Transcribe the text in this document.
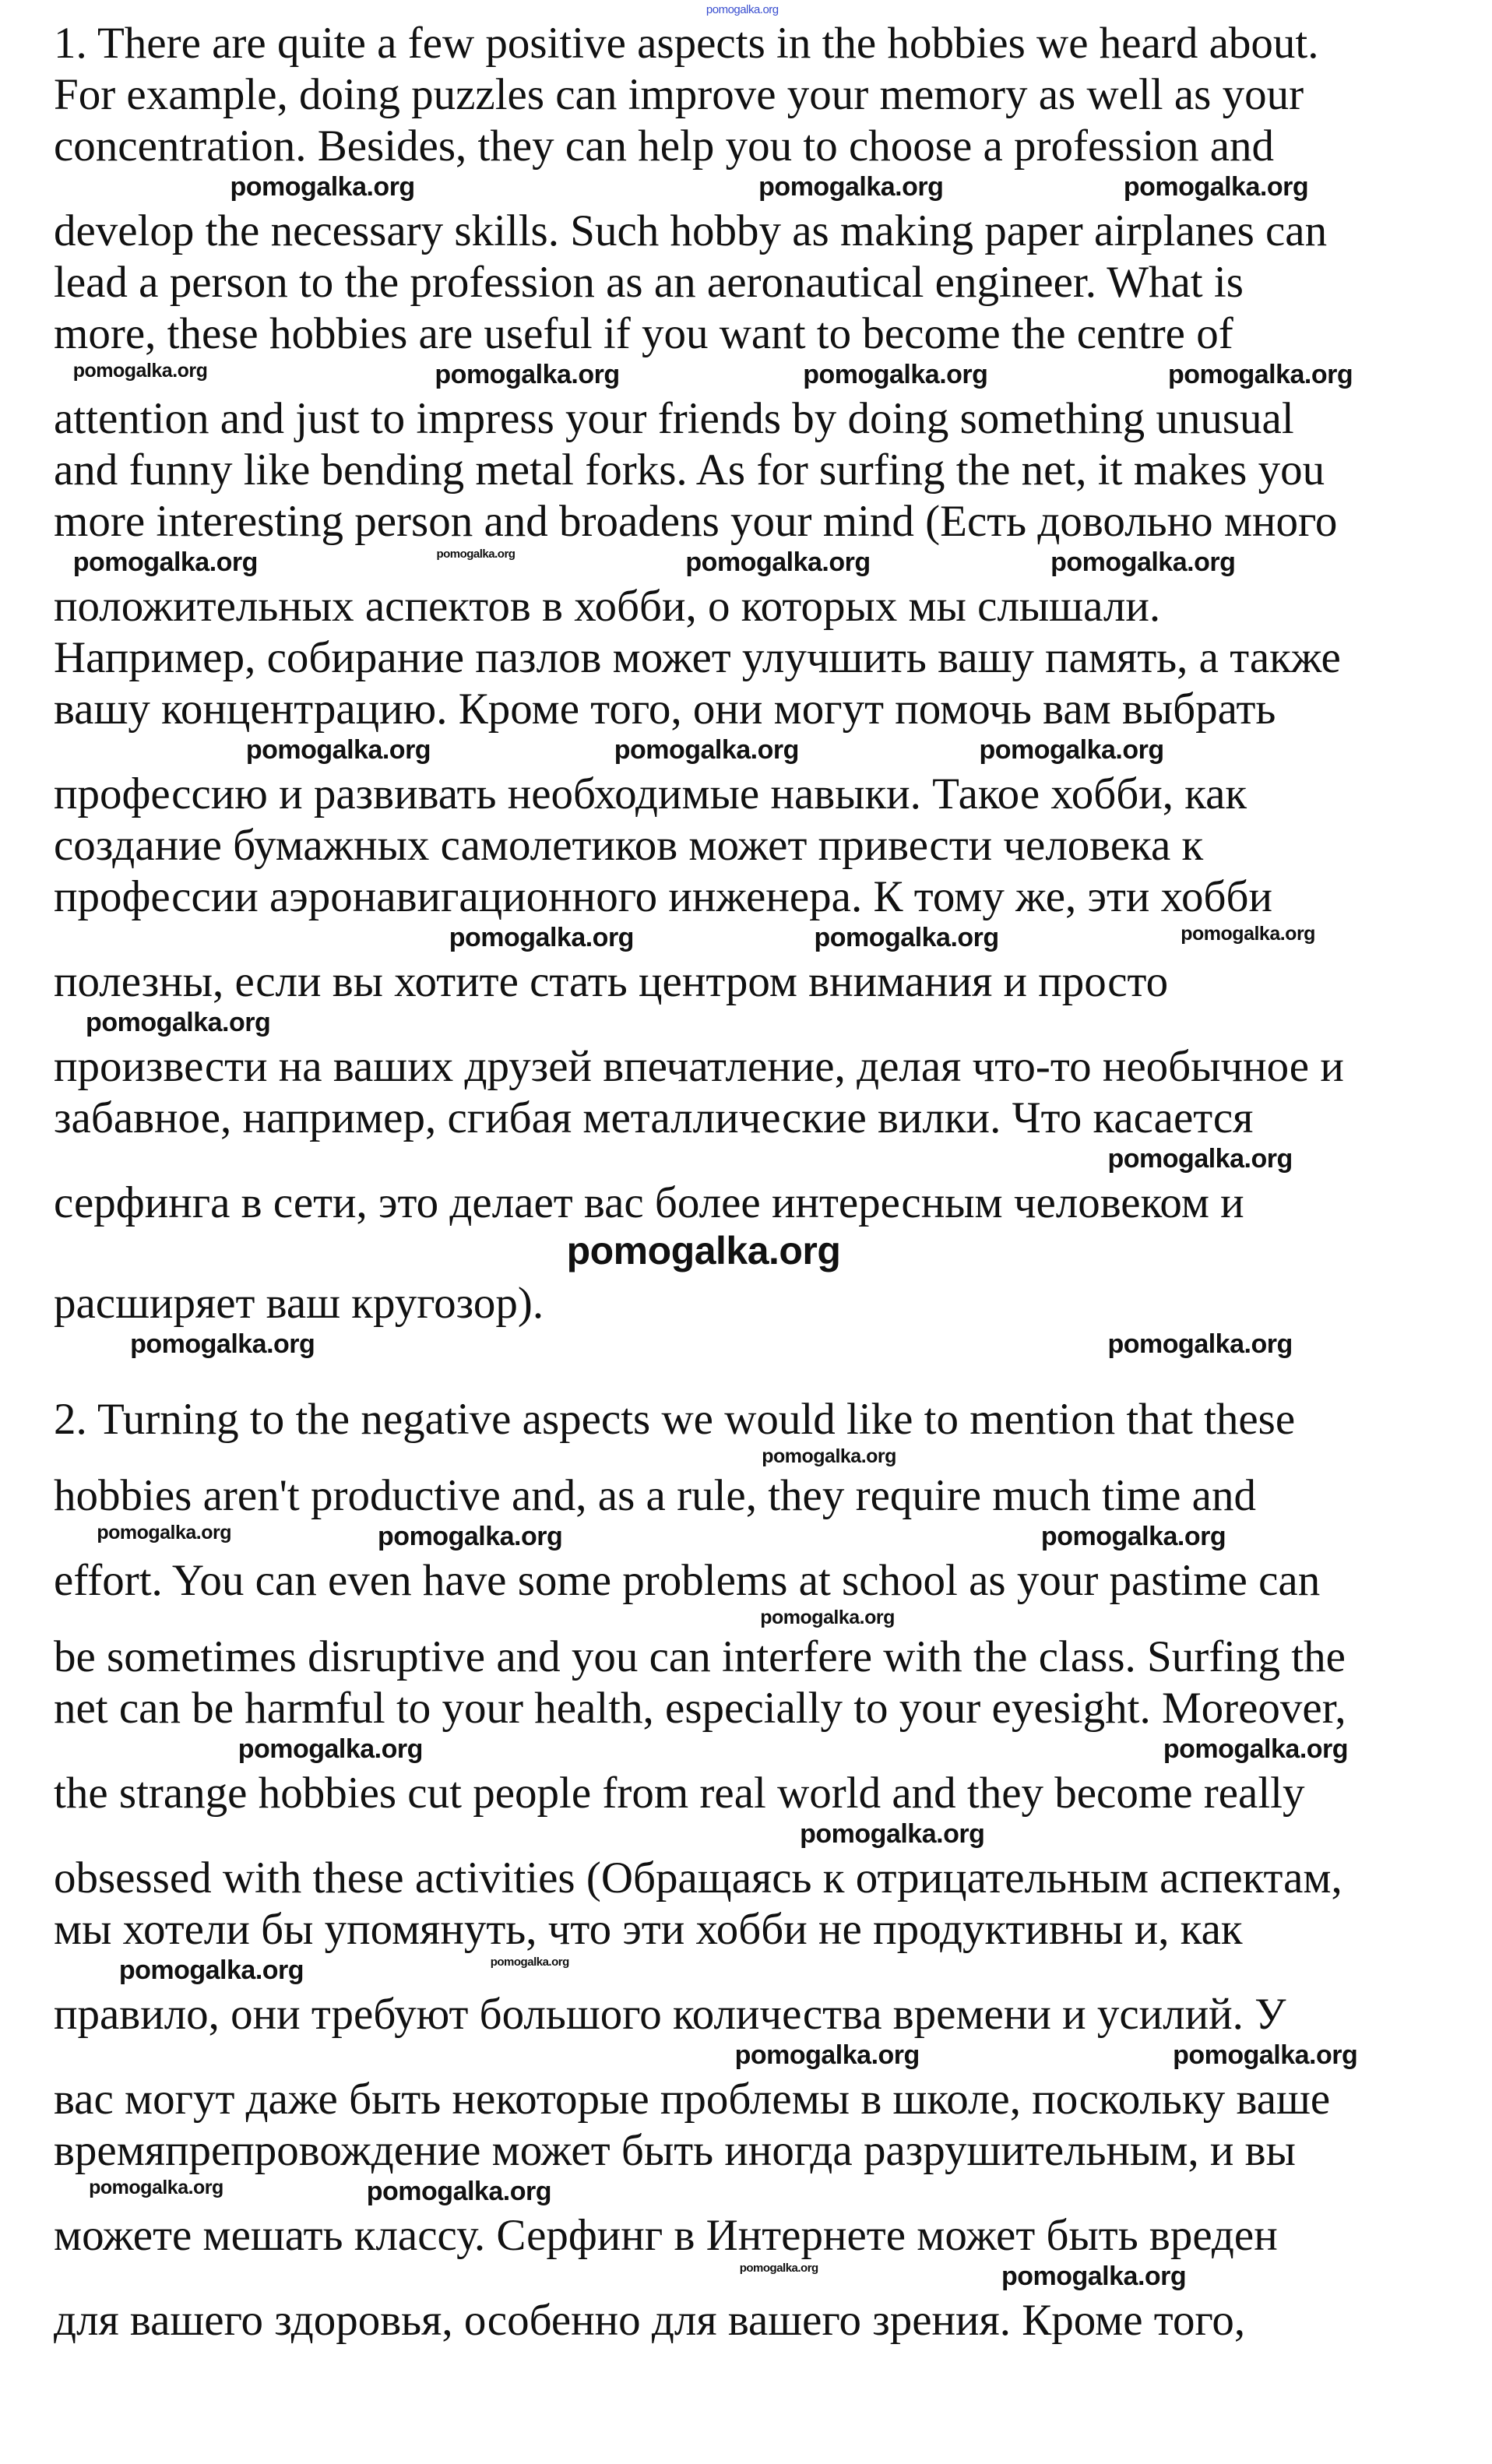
pomogalka.org
1. There are quite a few positive aspects in the hobbies we heard about.
For example, doing puzzles can improve your memory as well as your
concentration. Besides, they can help you to choose a profession and
pomogalka.org	pomogalka.org	pomogalka.org
develop the necessary skills. Such hobby as making paper airplanes can
lead a person to the profession as an aeronautical engineer. What is
more, these hobbies are useful if you want to become the centre of
pomogalka.org	pomogalka.org	pomogalka.org	pomogalka.org
attention and just to impress your friends by doing something unusual
and funny like bending metal forks. As for surfing the net, it makes you
more interesting person and broadens your mind (Есть довольно много
pomogalka.org	pomogalka.org	pomogalka.org	pomogalka.org
положительных аспектов в хобби, о которых мы слышали.
Например, собирание пазлов может улучшить вашу память, а также
вашу концентрацию. Кроме того, они могут помочь вам выбрать
pomogalka.org	pomogalka.org	pomogalka.org
профессию и развивать необходимые навыки. Такое хобби, как
создание бумажных самолетиков может привести человека к
профессии аэронавигационного инженера. К тому же, эти хобби
pomogalka.org	pomogalka.org	pomogalka.org
полезны, если вы хотите стать центром внимания и просто
pomogalka.org
произвести на ваших друзей впечатление, делая что-то необычное и
забавное, например, сгибая металлические вилки. Что касается
pomogalka.org
серфинга в сети, это делает вас более интересным человеком и
pomogalka.org
расширяет ваш кругозор).
pomogalka.org	pomogalka.org
2. Turning to the negative aspects we would like to mention that these
pomogalka.org
hobbies aren't productive and, as a rule, they require much time and
pomogalka.org	pomogalka.org	pomogalka.org
effort. You can even have some problems at school as your pastime can
pomogalka.org
be sometimes disruptive and you can interfere with the class. Surfing the
net can be harmful to your health, especially to your eyesight. Moreover,
pomogalka.org	pomogalka.org
the strange hobbies cut people from real world and they become really
pomogalka.org
obsessed with these activities (Обращаясь к отрицательным аспектам,
мы хотели бы упомянуть, что эти хобби не продуктивны и, как
pomogalka.org	pomogalka.org
правило, они требуют большого количества времени и усилий. У
pomogalka.org	pomogalka.org
вас могут даже быть некоторые проблемы в школе, поскольку ваше
времяпрепровождение может быть иногда разрушительным, и вы
pomogalka.org	pomogalka.org
можете мешать классу. Серфинг в Интернете может быть вреден
pomogalka.org	pomogalka.org
для вашего здоровья, особенно для вашего зрения. Кроме того,
